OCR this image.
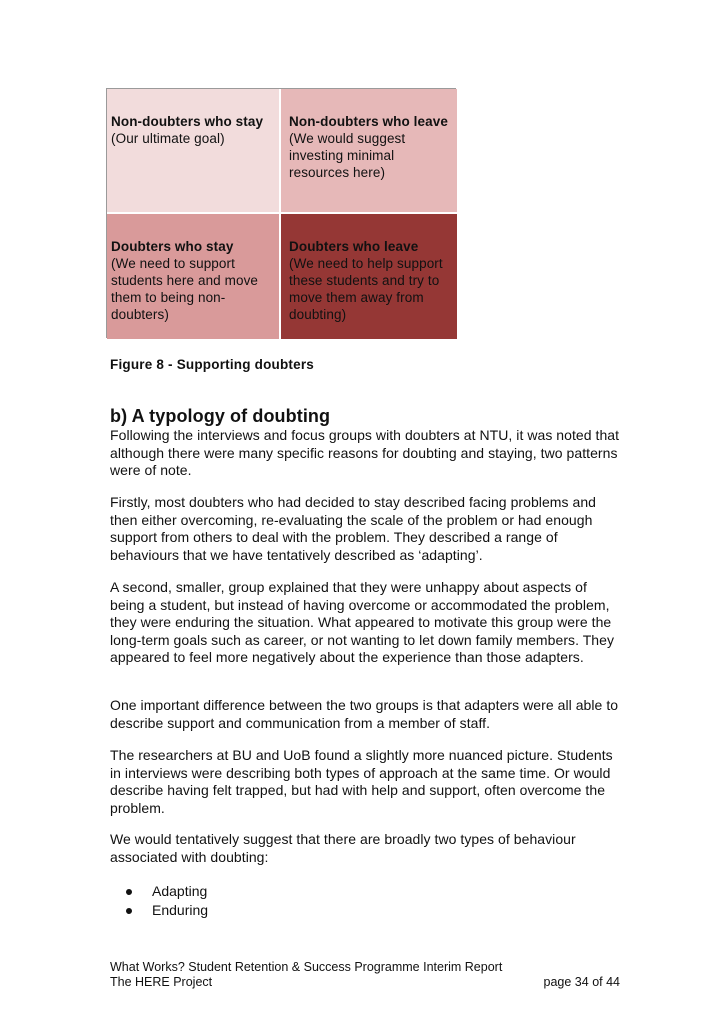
Non-doubters who stay
(Our ultimate goal)
Non-doubters who leave
(We would suggest investing minimal resources here)
Doubters who stay
(We need to support students here and move them to being non-doubters)
Doubters who leave
(We need to help support these students and try to move them away from doubting)
Figure 8 - Supporting doubters
b) A typology of doubting

Following the interviews and focus groups with doubters at NTU, it was noted that although there were many specific reasons for doubting and staying, two patterns were of note.

Firstly, most doubters who had decided to stay described facing problems and then either overcoming, re-evaluating the scale of the problem or had enough support from others to deal with the problem. They described a range of behaviours that we have tentatively described as ‘adapting’.

A second, smaller, group explained that they were unhappy about aspects of being a student, but instead of having overcome or accommodated the problem, they were enduring the situation. What appeared to motivate this group were the long-term goals such as career, or not wanting to let down family members. They appeared to feel more negatively about the experience than those adapters.

One important difference between the two groups is that adapters were all able to describe support and communication from a member of staff.

The researchers at BU and UoB found a slightly more nuanced picture. Students in interviews were describing both types of approach at the same time. Or would describe having felt trapped, but had with help and support, often overcome the problem.

We would tentatively suggest that there are broadly two types of behaviour associated with doubting:

Adapting
Enduring
What Works? Student Retention & Success Programme Interim Report
The HERE Project	page 34 of 44
